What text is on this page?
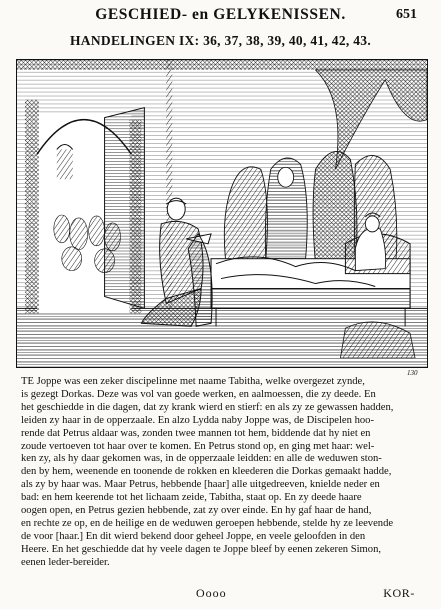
GESCHIED- en GELYKENISSEN.	651
HANDELINGEN IX: 36, 37, 38, 39, 40, 41, 42, 43.
130
TE Joppe was een zeker discipelinne met naame Tabitha, welke overgezet zynde,
is gezegt Dorkas. Deze was vol van goede werken, en aalmoessen, die zy deede. En
het geschiedde in die dagen, dat zy krank wierd en stierf: en als zy ze gewassen hadden,
leiden zy haar in de opperzaale. En alzo Lydda naby Joppe was, de Discipelen hoo-
rende dat Petrus aldaar was, zonden twee mannen tot hem, biddende dat hy niet en
zoude vertoeven tot haar over te komen. En Petrus stond op, en ging met haar: wel-
ken zy, als hy daar gekomen was, in de opperzaale leidden: en alle de weduwen ston-
den by hem, weenende en toonende de rokken en kleederen die Dorkas gemaakt hadde,
als zy by haar was. Maar Petrus, hebbende [haar] alle uitgedreeven, knielde neder en
bad: en hem keerende tot het lichaam zeide, Tabitha, staat op. En zy deede haare
oogen open, en Petrus gezien hebbende, zat zy over einde. En hy gaf haar de hand,
en rechte ze op, en de heilige en de weduwen geroepen hebbende, stelde hy ze leevende
de voor [haar.] En dit wierd bekend door geheel Joppe, en veele geloofden in den
Heere. En het geschiedde dat hy veele dagen te Joppe bleef by eenen zekeren Simon,
eenen leder-bereider.
Oooo	KOR-
